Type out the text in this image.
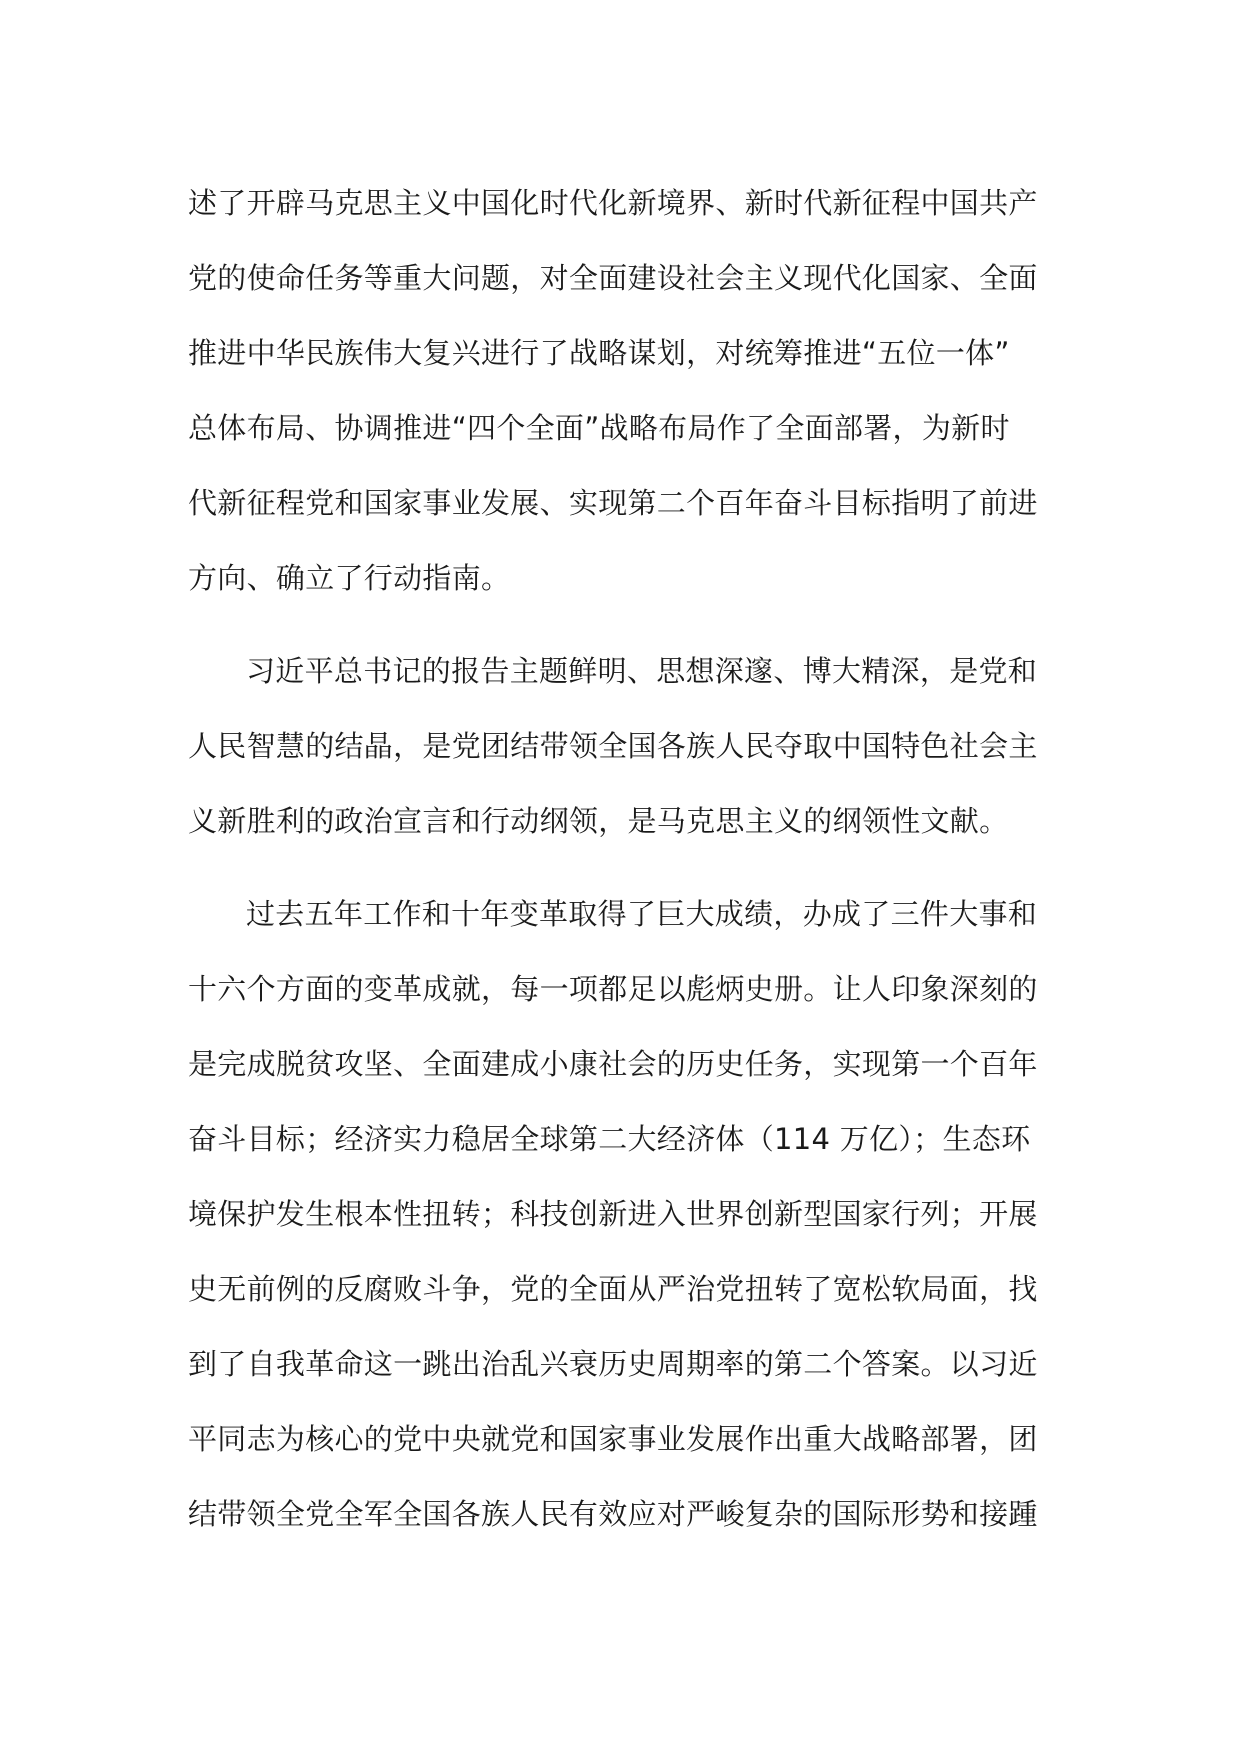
述了开辟马克思主义中国化时代化新境界、新时代新征程中国共产
党的使命任务等重大问题，对全面建设社会主义现代化国家、全面
推进中华民族伟大复兴进行了战略谋划，对统筹推进“五位一体”
总体布局、协调推进“四个全面”战略布局作了全面部署，为新时
代新征程党和国家事业发展、实现第二个百年奋斗目标指明了前进
方向、确立了行动指南。
习近平总书记的报告主题鲜明、思想深邃、博大精深，是党和
人民智慧的结晶，是党团结带领全国各族人民夺取中国特色社会主
义新胜利的政治宣言和行动纲领，是马克思主义的纲领性文献。
过去五年工作和十年变革取得了巨大成绩，办成了三件大事和
十六个方面的变革成就，每一项都足以彪炳史册。让人印象深刻的
是完成脱贫攻坚、全面建成小康社会的历史任务，实现第一个百年
奋斗目标；经济实力稳居全球第二大经济体（114 万亿）；生态环
境保护发生根本性扭转；科技创新进入世界创新型国家行列；开展
史无前例的反腐败斗争，党的全面从严治党扭转了宽松软局面，找
到了自我革命这一跳出治乱兴衰历史周期率的第二个答案。以习近
平同志为核心的党中央就党和国家事业发展作出重大战略部署，团
结带领全党全军全国各族人民有效应对严峻复杂的国际形势和接踵
